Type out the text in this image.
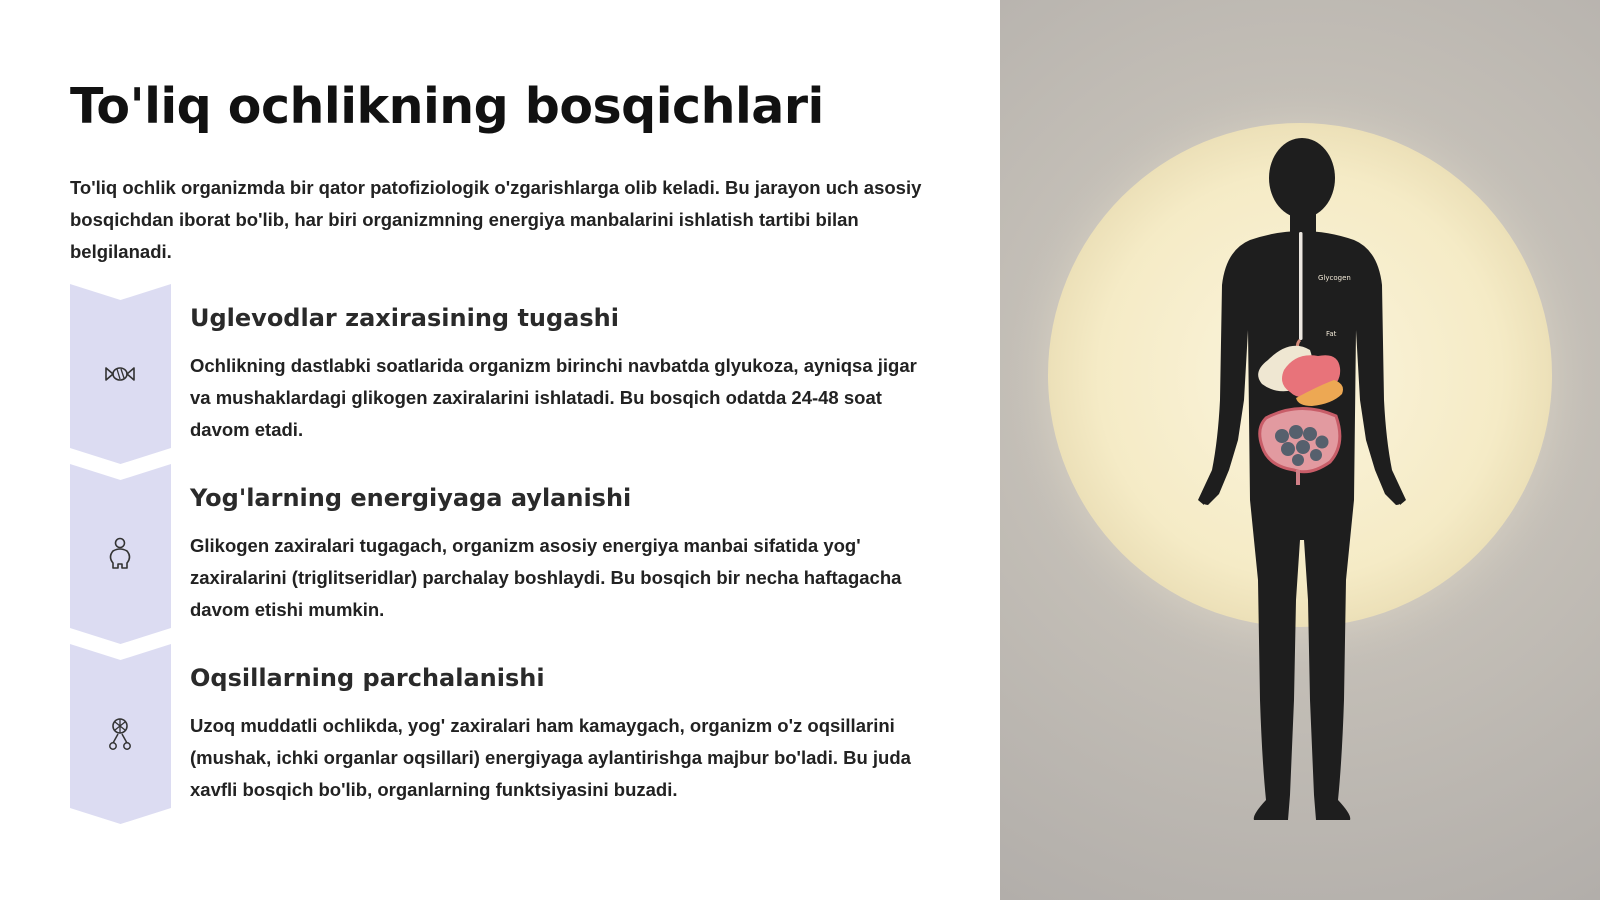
To'liq ochlikning bosqichlari

To'liq ochlik organizmda bir qator patofiziologik o'zgarishlarga olib keladi. Bu jarayon uch asosiy bosqichdan iborat bo'lib, har biri organizmning energiya manbalarini ishlatish tartibi bilan belgilanadi.

Uglevodlar zaxirasining tugashi

Ochlikning dastlabki soatlarida organizm birinchi navbatda glyukoza, ayniqsa jigar va mushaklardagi glikogen zaxiralarini ishlatadi. Bu bosqich odatda 24-48 soat davom etadi.

Yog'larning energiyaga aylanishi

Glikogen zaxiralari tugagach, organizm asosiy energiya manbai sifatida yog' zaxiralarini (triglitseridlar) parchalay boshlaydi. Bu bosqich bir necha haftagacha davom etishi mumkin.

Oqsillarning parchalanishi

Uzoq muddatli ochlikda, yog' zaxiralari ham kamaygach, organizm o'z oqsillarini (mushak, ichki organlar oqsillari) energiyaga aylantirishga majbur bo'ladi. Bu juda xavfli bosqich bo'lib, organlarning funktsiyasini buzadi.

Glycogen
Fat
